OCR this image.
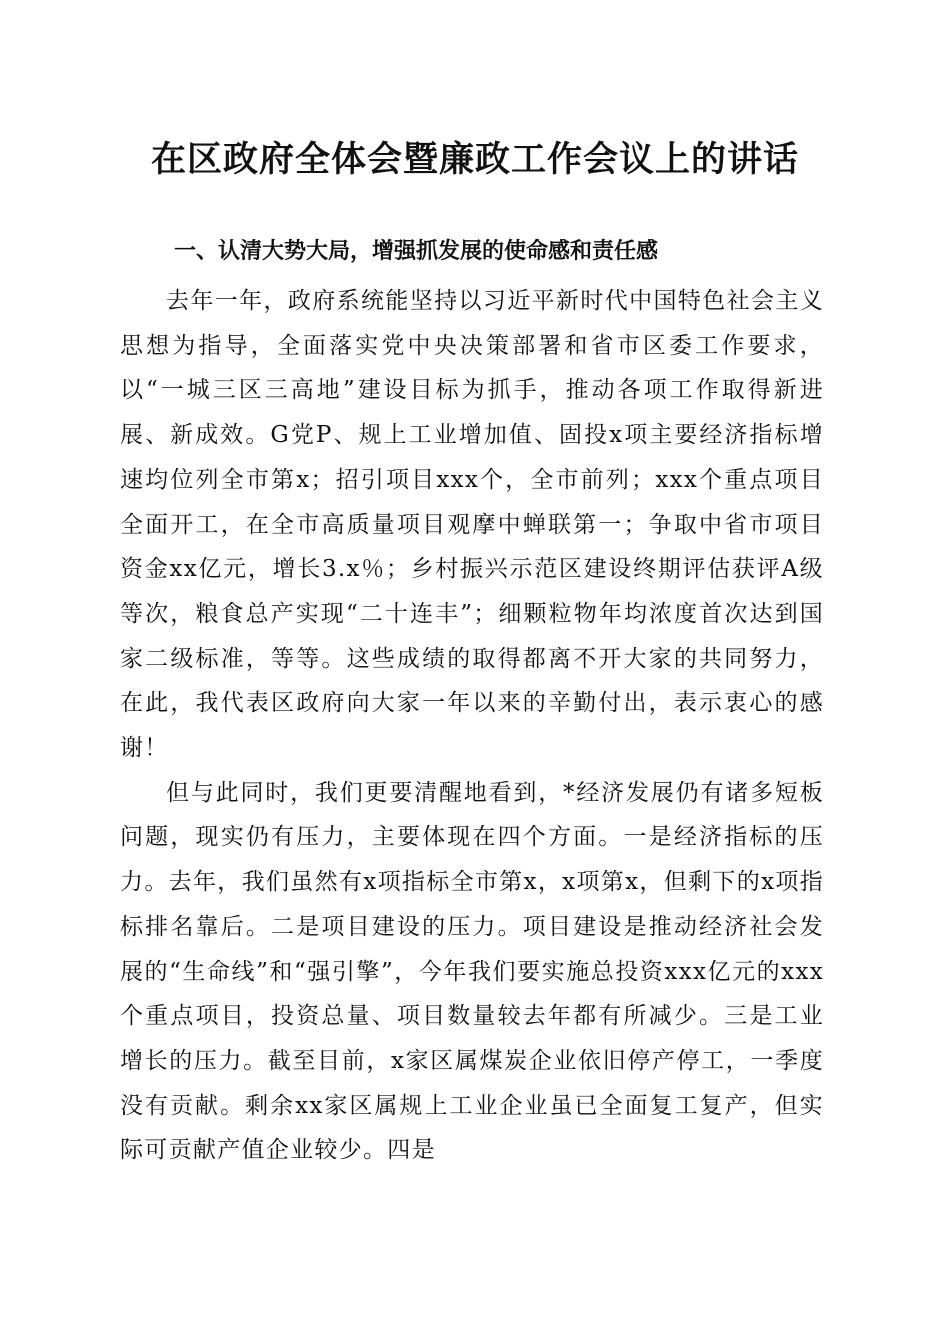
在区政府全体会暨廉政工作会议上的讲话
一、认清大势大局，增强抓发展的使命感和责任感

去年一年，政府系统能坚持以习近平新时代中国特色社会主义思想为指导，全面落实党中央决策部署和省市区委工作要求，以“一城三区三高地”建设目标为抓手，推动各项工作取得新进展、新成效。G党P、规上工业增加值、固投x项主要经济指标增速均位列全市第x；招引项目xxx个，全市前列；xxx个重点项目全面开工，在全市高质量项目观摩中蝉联第一；争取中省市项目资金xx亿元，增长3.x％；乡村振兴示范区建设终期评估获评A级等次，粮食总产实现“二十连丰”；细颗粒物年均浓度首次达到国家二级标准，等等。这些成绩的取得都离不开大家的共同努力，在此，我代表区政府向大家一年以来的辛勤付出，表示衷心的感谢！

但与此同时，我们更要清醒地看到，*经济发展仍有诸多短板问题，现实仍有压力，主要体现在四个方面。一是经济指标的压力。去年，我们虽然有x项指标全市第x，x项第x，但剩下的x项指标排名靠后。二是项目建设的压力。项目建设是推动经济社会发展的“生命线”和“强引擎”，今年我们要实施总投资xxx亿元的xxx个重点项目，投资总量、项目数量较去年都有所减少。三是工业增长的压力。截至目前，x家区属煤炭企业依旧停产停工，一季度没有贡献。剩余xx家区属规上工业企业虽已全面复工复产，但实际可贡献产值企业较少。四是
